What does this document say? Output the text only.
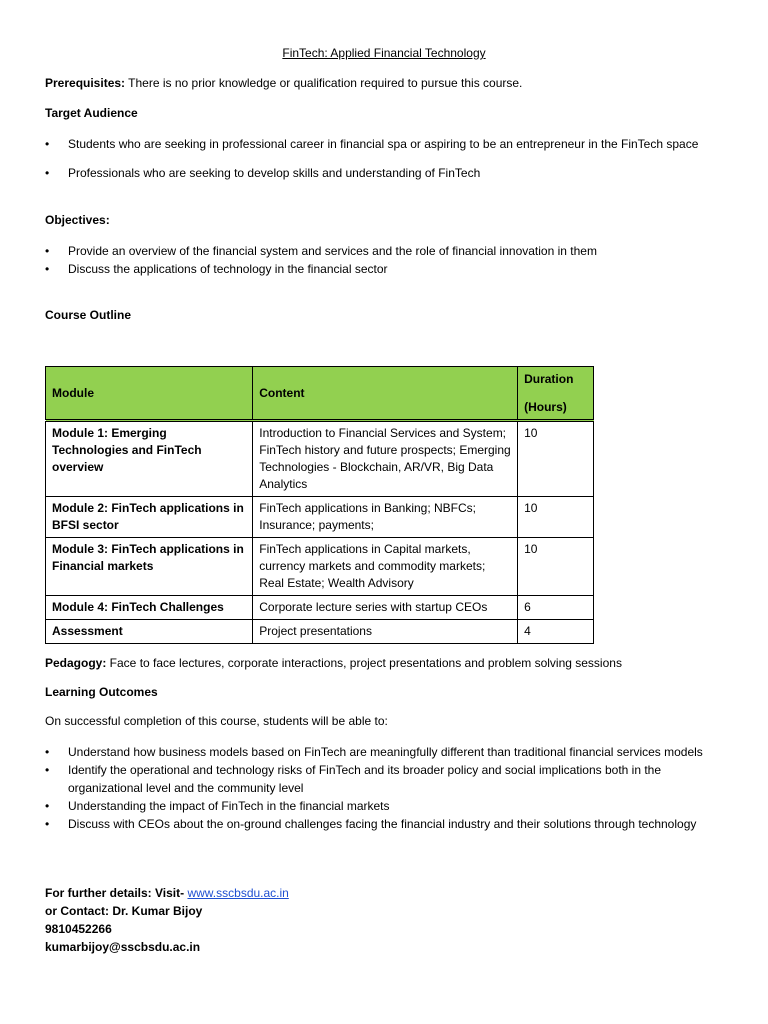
FinTech: Applied Financial Technology
Prerequisites: There is no prior knowledge or qualification required to pursue this course.
Target Audience
• Students who are seeking in professional career in financial spa or aspiring to be an entrepreneur in the FinTech space
• Professionals who are seeking to develop skills and understanding of FinTech
Objectives:
• Provide an overview of the financial system and services and the role of financial innovation in them
• Discuss the applications of technology in the financial sector
Course Outline
Module	Content	Duration
(Hours)

Module 1: Emerging Technologies and FinTech overview	Introduction to Financial Services and System; FinTech history and future prospects; Emerging Technologies - Blockchain, AR/VR, Big Data Analytics	10
Module 2: FinTech applications in BFSI sector	FinTech applications in Banking; NBFCs; Insurance; payments;	10
Module 3: FinTech applications in Financial markets	FinTech applications in Capital markets, currency markets and commodity markets; Real Estate; Wealth Advisory	10
Module 4: FinTech Challenges	Corporate lecture series with startup CEOs	6
Assessment	Project presentations	4
Pedagogy: Face to face lectures, corporate interactions, project presentations and problem solving sessions
Learning Outcomes
On successful completion of this course, students will be able to:
• Understand how business models based on FinTech are meaningfully different than traditional financial services models
• Identify the operational and technology risks of FinTech and its broader policy and social implications both in the organizational level and the community level
• Understanding the impact of FinTech in the financial markets
• Discuss with CEOs about the on-ground challenges facing the financial industry and their solutions through technology
For further details: Visit- www.sscbsdu.ac.in
or Contact: Dr. Kumar Bijoy
9810452266
kumarbijoy@sscbsdu.ac.in
